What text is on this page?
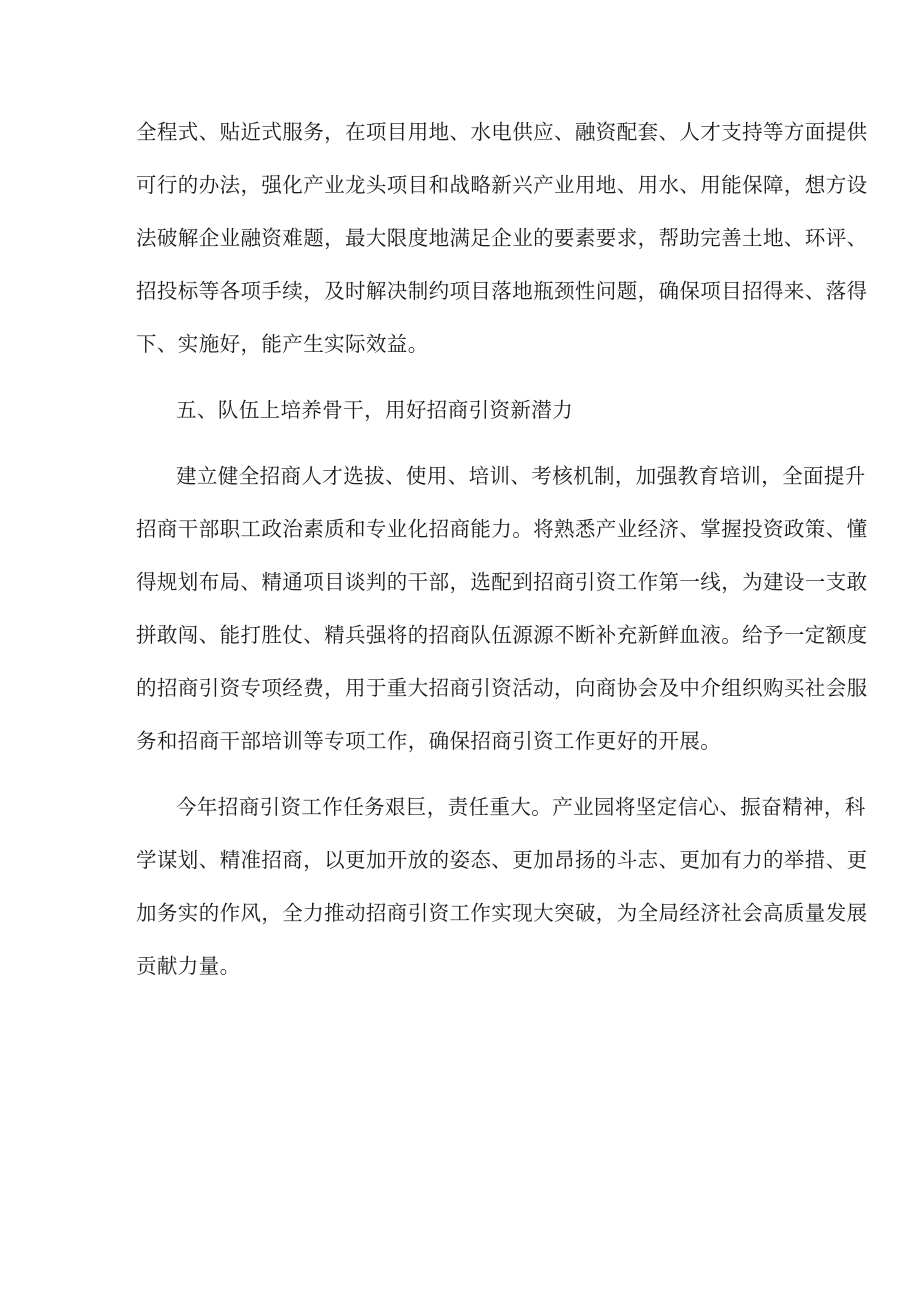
全程式、贴近式服务，在项目用地、水电供应、融资配套、人才支持等方面提供
可行的办法，强化产业龙头项目和战略新兴产业用地、用水、用能保障，想方设
法破解企业融资难题，最大限度地满足企业的要素要求，帮助完善土地、环评、
招投标等各项手续，及时解决制约项目落地瓶颈性问题，确保项目招得来、落得
下、实施好，能产生实际效益。
五、队伍上培养骨干，用好招商引资新潜力
建立健全招商人才选拔、使用、培训、考核机制，加强教育培训，全面提升
招商干部职工政治素质和专业化招商能力。将熟悉产业经济、掌握投资政策、懂
得规划布局、精通项目谈判的干部，选配到招商引资工作第一线，为建设一支敢
拼敢闯、能打胜仗、精兵强将的招商队伍源源不断补充新鲜血液。给予一定额度
的招商引资专项经费，用于重大招商引资活动，向商协会及中介组织购买社会服
务和招商干部培训等专项工作，确保招商引资工作更好的开展。
今年招商引资工作任务艰巨，责任重大。产业园将坚定信心、振奋精神，科
学谋划、精准招商，以更加开放的姿态、更加昂扬的斗志、更加有力的举措、更
加务实的作风，全力推动招商引资工作实现大突破，为全局经济社会高质量发展
贡献力量。
